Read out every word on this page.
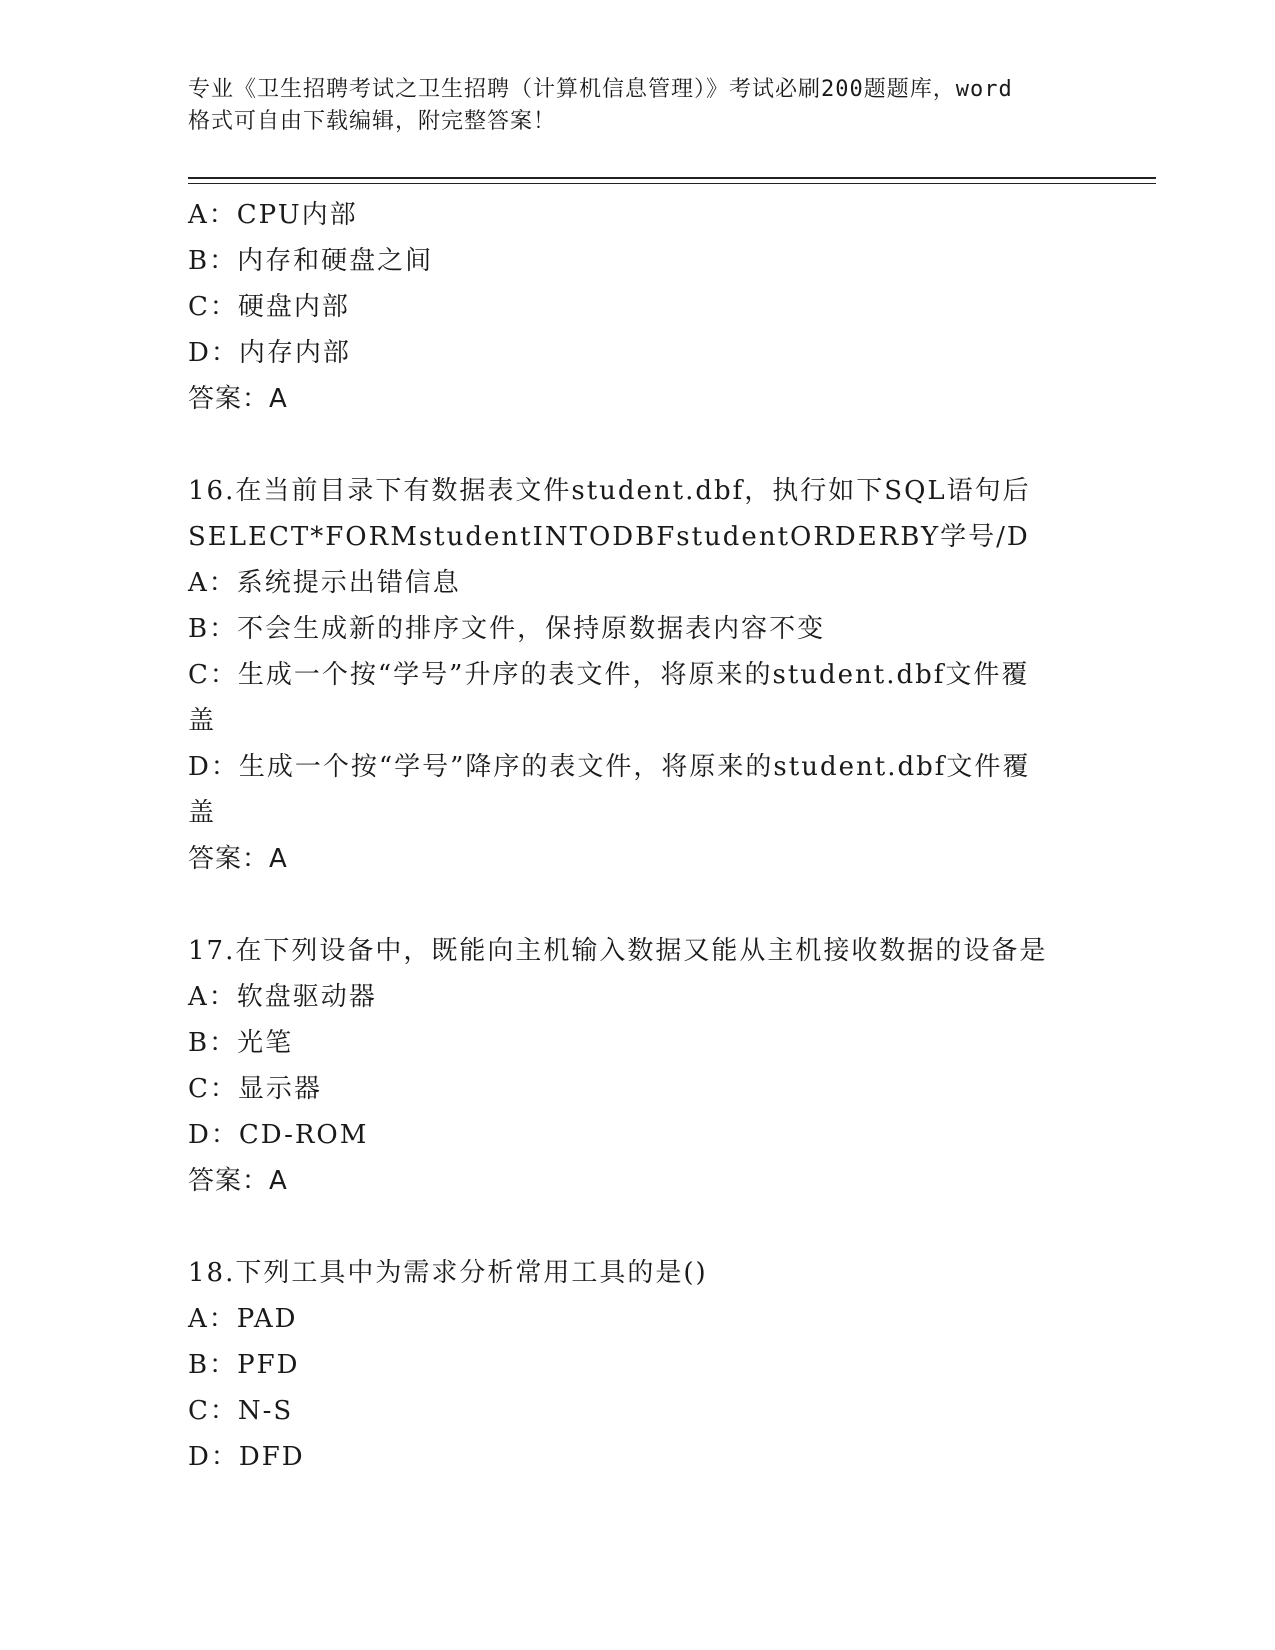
专业《卫生招聘考试之卫生招聘（计算机信息管理）》考试必刷200题题库，word
格式可自由下载编辑，附完整答案！
A：CPU内部
B：内存和硬盘之间
C：硬盘内部
D：内存内部
答案：A
16.在当前目录下有数据表文件student.dbf，执行如下SQL语句后
SELECT*FORMstudentINTODBFstudentORDERBY学号/D
A：系统提示出错信息
B：不会生成新的排序文件，保持原数据表内容不变
C：生成一个按“学号”升序的表文件，将原来的student.dbf文件覆
盖
D：生成一个按“学号”降序的表文件，将原来的student.dbf文件覆
盖
答案：A
17.在下列设备中，既能向主机输入数据又能从主机接收数据的设备是
A：软盘驱动器
B：光笔
C：显示器
D：CD-ROM
答案：A
18.下列工具中为需求分析常用工具的是()
A：PAD
B：PFD
C：N-S
D：DFD
